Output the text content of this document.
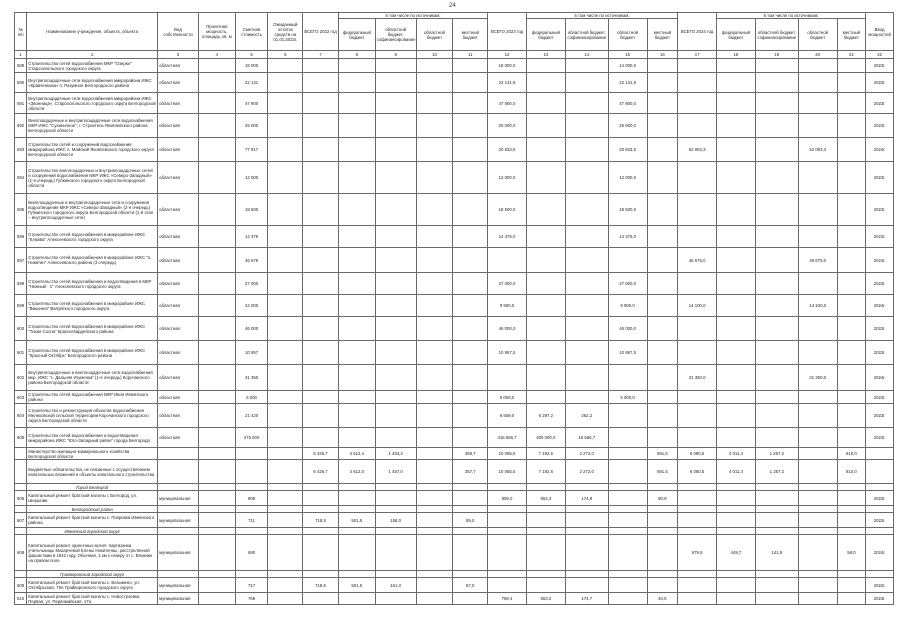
24
№ п/п	Наименование учреждения, объекта, объекта	Вид собственности	Проектная мощность, площадь, кв. м	Сметная стоимость	Ожидаемый остаток средств на 01.01.2022г.	ВСЕГО 2022 год	в том числе по источникам:				ВСЕГО 2023 год	в том числе по источникам:				ВСЕГО 2024 год	в том числе по источникам:				Ввод мощностей
							федеральный бюджет	областной бюджет, софинансирование	областной бюджет	местный бюджет		федеральный бюджет	областной бюджет, софинансирование	областной бюджет	местный бюджет		федеральный бюджет	областной бюджет, софинансирование	областной бюджет	местный бюджет	
1	2	3	4	5	6	7	8	9	10	11	12	13	14	15	16	17	18	19	20	21	22
589	Строительство сетей водоснабжения МКР "Озерки" Старооскольского городского округа	областная		18 000							18 000,0			14 000,0							2023г.
590	Внутриплощадочные сети водоснабжения микрорайона ИЖС «Кравченкова» п. Разумное Белгородского района	областная		22 131							22 131,9			22 131,9							2023г.
591	Внутриплощадочные сети водоснабжения микрорайона ИЖС «Звонница», Старооскольского городского округа Белгородской области	областная		47 900							47 900,0			47 900,0							2023г.
592	Внеплощадочные и внутриплощадочные сети водоснабжения МКР ИЖС "Сухиничное", г. Строитель Яковлевского района Белгородской области	областная		25 000							25 000,0			25 000,0							2023г.
593	Строительство сетей и сооружений водоснабжения микрорайона ИЖС п. Майский Яковлевского городского округа Белгородской области	областная		77 917							20 833,5			20 833,5		52 083,3			52 083,3		2024г.
594	Строительство внеплощадочных и внутриплощадочных сетей и сооружений водоснабжения МКР ИЖС «Северо-Западный» (1-я очередь) Губкинского городского округа Белгородской области	областная		12 000							12 000,0			12 000,0							2023г.
595	Внеплощадочные и внутриплощадочные сети и сооружения водоотведения МКР ИЖС «Северо-Западный» (2-я очередь) Губкинского городского округа Белгородской области (1-й этап – внутриплощадочные сети)	областная		18 500							18 500,0			18 500,0							2023г.
596	Строительство сетей водоснабжения в микрорайоне ИЖС "Клюква" Алексеевского городского округа	областная		14 375							14 375,0			14 375,0							2023г.
597	Строительство сетей водоснабжения в микрорайоне ИЖС "п. Никитин" Алексеевского района (3 очередь)	областная		46 675												46 675,0			46 675,0		2024г.
598	Строительство сетей водоснабжения и водоотведения в МКР "Нежный - 1" Алексеевского городского округа	областная		27 000							27 000,0			27 000,0							2023г.
599	Строительство сетей водоснабжения в микрорайоне ИЖС "Вишенка" Валуйского городского округа	областная		24 000							9 900,0			9 900,0		14 100,0			14 100,0		2024г.
600	Строительство сетей водоснабжения в микрорайоне ИЖС "Тихая Сосна" Красногвардейского района	областная		46 000							46 000,0			46 000,0							2023г.
601	Строительство сетей водоснабжения в микрорайоне ИЖС "Красный Октябрь" Белгородского района	областная		10 957							10 957,5			10 957,5							2023г.
602	Внутриплощадочные и внеплощадочные сети водоснабжения мкр. ИЖС "с. Дальняя Игуменка" (1-я очередь) Корочанского района Белгородской области	областная		31 350												31 350,0			31 350,0		2024г.
603	Строительство сетей водоснабжения МКР Ивня Ивнянского района	областная		5 000							5 000,0			5 000,0							2023г.
604	Строительство и реконструкция объектов водоснабжения Мелиховской сельской территории Корочанского городского округа Белгородской области	областная		21 420							6 559,0	6 297,2	262,2								2023г.
605	Строительство сетей водоснабжения и водоотведения микрорайона ИЖС "Юго-Западный район" города Белгорода	областная		475 000							416 666,7	400 000,0	16 666,7								2023г.
	Министерство жилищно-коммунального хозяйства Белгородской области					6 426,7	4 612,4	1 453,4		358,7	10 055,5	7 192,6	2 272,0		591,5	6 080,5	4 011,4	1 257,2		810,0	
	Бюджетные обязательства, не связанные с осуществлением капитальных вложений в объекты капитального строительства					6 426,7	4 612,0	1 457,0		357,7	10 055,5	7 192,6	2 272,0		591,5	6 080,5	4 011,4	1 257,2		810,0	
	Город Белгород																				
606	Капитальный ремонт братской могилы г. Белгород, ул. Шершова	муниципальная		809							809,0	553,3	174,8		80,9						2023г.
	Белгородский район																				
607	Капитальный ремонт братской могилы с. Покровка Ивнянского района	муниципальная		711		718,5	501,5	158,0		59,0											2022г.
	Ивнянский городской округ																				
608	Капитальный ремонт одиночных могил: партизанки, учительницы Мазарчевой Елены Никитичны, расстрелянной фашистами в 1942 году. Обычная, 1 км к северу от с. Вязники на правом поле	муниципальная		680												679,5	449,7	141,9		58,0	2024г.
	Грайворонский городской округ																				
609	Капитальный ремонт братской могилы с. Безымено, ул. Октябрьская, 79А Грайворонского городского округа	муниципальная		717		718,5	501,5	161,0		57,0											2022г.
610	Капитальный ремонт братской могилы с. Новостроевка Первая, ул. Первомайская, 17а	муниципальная		769							768,4	553,2	174,7		40,5						2023г.
